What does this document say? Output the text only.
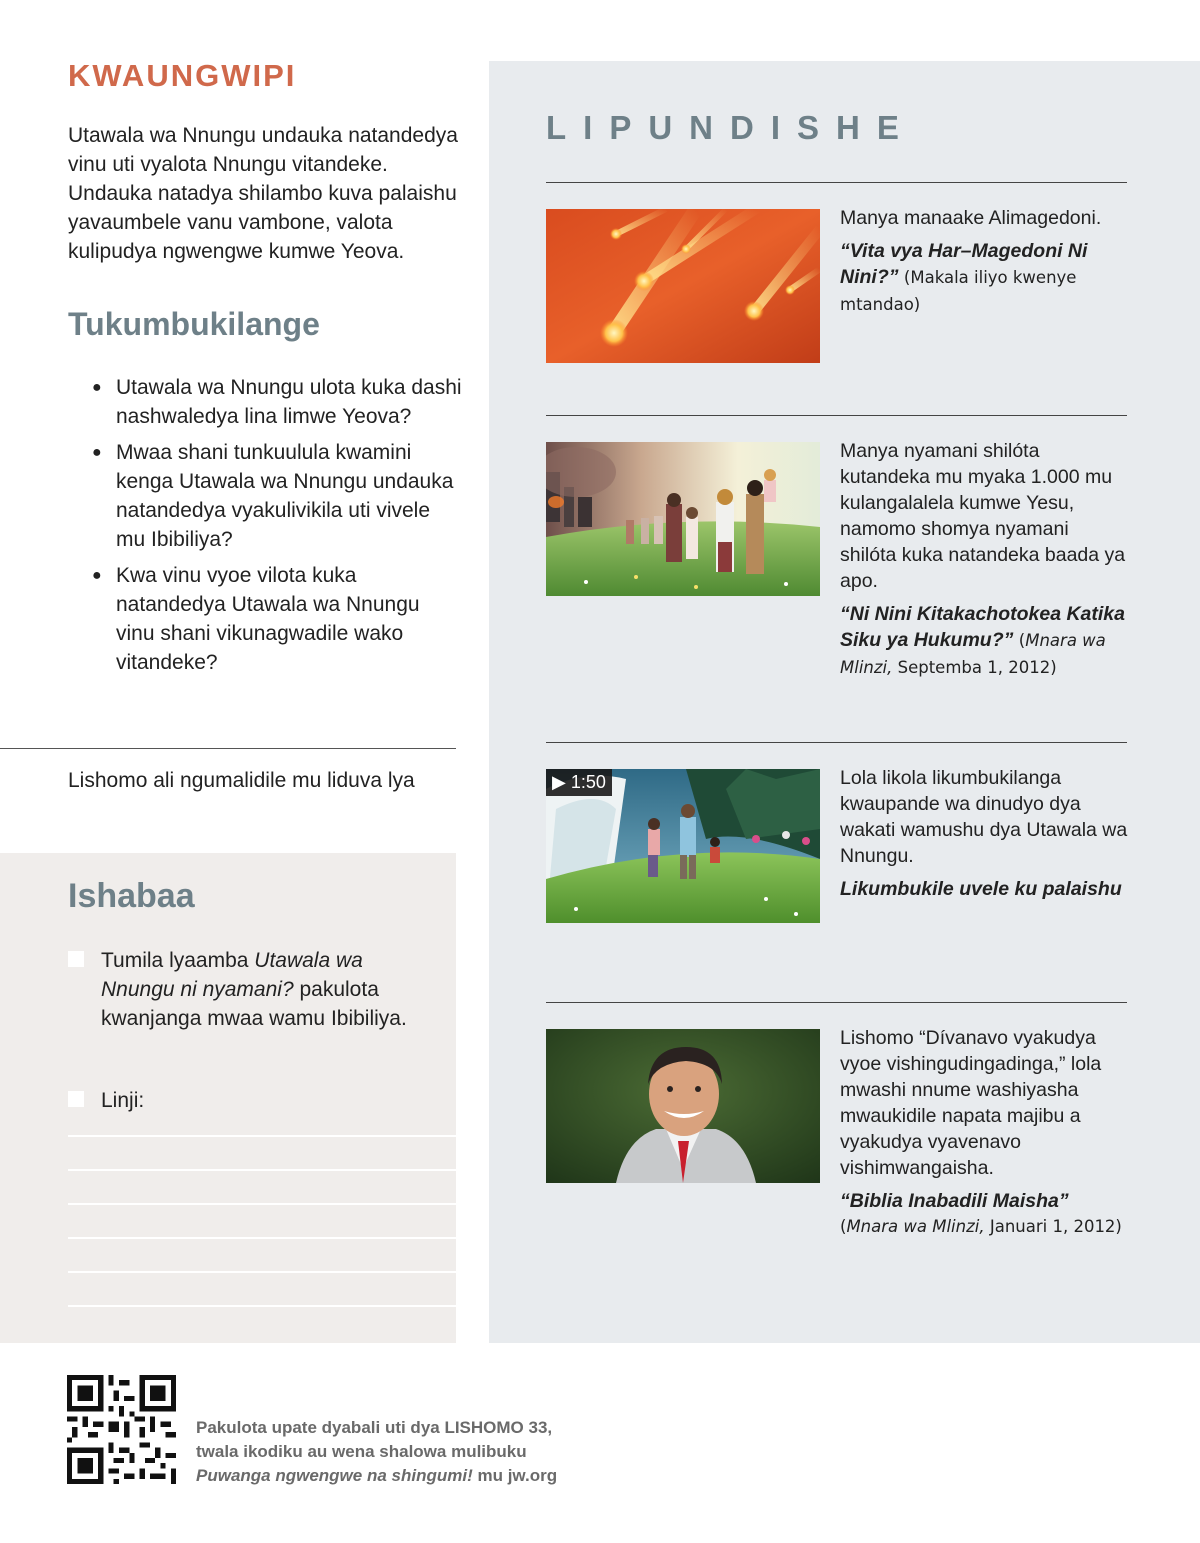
KWAUNGWIPI

Utawala wa Nnungu undauka natandedya vinu uti vyalota Nnungu vitandeke. Undauka natadya shilambo kuva palaishu yavaumbele vanu vambone, valota kulipudya ngwengwe kumwe Yeova.

Tukumbukilange
● Utawala wa Nnungu ulota kuka dashi nashwaledya lina limwe Yeova?
● Mwaa shani tunkuulula kwamini kenga Utawala wa Nnungu undauka natandedya vyakulivikila uti vivele mu Ibibiliya?
● Kwa vinu vyoe vilota kuka natandedya Utawala wa Nnungu vinu shani vikunagwadile wako vitandeke?

Lishomo ali ngumalidile mu liduva lya

Ishabaa
Tumila lyaamba Utawala wa Nnungu ni nyamani? pakulota kwanjanga mwaa wamu Ibibiliya.
Linji:
LIPUNDISHE
Manya manaake Alimagedoni.
“Vita vya Har–Magedoni Ni Nini?” (Makala iliyo kwenye mtandao)
Manya nyamani shilóta kutandeka mu myaka 1.000 mu kulangalalela kumwe Yesu, namomo shomya nyamani shilóta kuka natandeka baada ya apo.
“Ni Nini Kitakachotokea Katika Siku ya Hukumu?” (Mnara wa Mlinzi, Septemba 1, 2012)
▶ 1:50	Lola likola likumbukilanga kwaupande wa dinudyo dya wakati wamushu dya Utawala wa Nnungu.
Likumbukile uvele ku palaishu
Lishomo “Dívanavo vyakudya vyoe vishingudingadinga,” lola mwashi nnume washiyasha mwaukidile napata majibu a vyakudya vyavenavo vishimwangaisha.
“Biblia Inabadili Maisha”
(Mnara wa Mlinzi, Januari 1, 2012)
Pakulota upate dyabali uti dya LISHOMO 33,
twala ikodiku au wena shalowa mulibuku
Puwanga ngwengwe na shingumi! mu jw.org
